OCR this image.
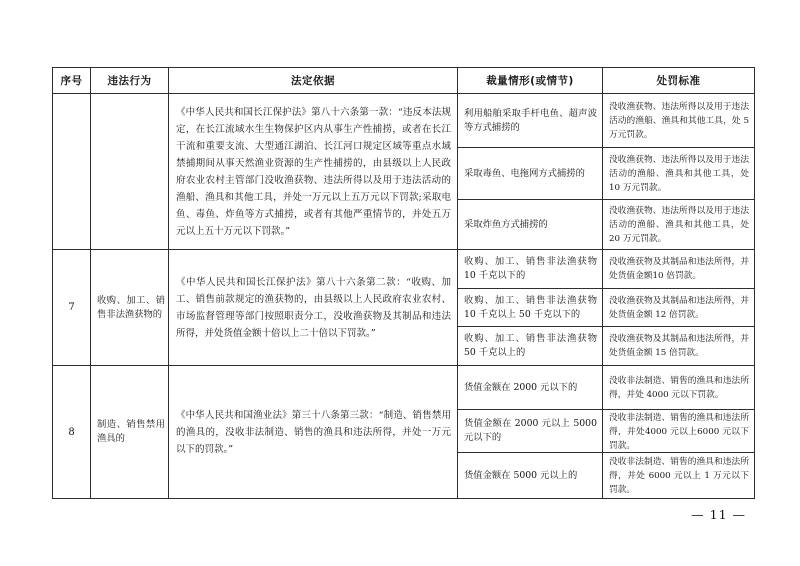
序号	违法行为	法定依据	裁量情形(或情节)	处罚标准

		《中华人民共和国长江保护法》第八十六条第一款：“违反本法规定，在长江流域水生生物保护区内从事生产性捕捞，或者在长江干流和重要支流、大型通江湖泊、长江河口规定区域等重点水域禁捕期间从事天然渔业资源的生产性捕捞的，由县级以上人民政府农业农村主管部门没收渔获物、违法所得以及用于违法活动的渔船、渔具和其他工具，并处一万元以上五万元以下罚款;采取电鱼、毒鱼、炸鱼等方式捕捞，或者有其他严重情节的，并处五万元以上五十万元以下罚款。”	利用船舶采取手杆电鱼、超声波等方式捕捞的	没收渔获物、违法所得以及用于违法活动的渔船、渔具和其他工具，处 5 万元罚款。

			采取毒鱼、电拖网方式捕捞的	没收渔获物、违法所得以及用于违法活动的渔船、渔具和其他工具，处 10 万元罚款。

			采取炸鱼方式捕捞的	没收渔获物、违法所得以及用于违法活动的渔船、渔具和其他工具，处 20 万元罚款。

7	收购、加工、销售非法渔获物的	《中华人民共和国长江保护法》第八十六条第二款：“收购、加工、销售前款规定的渔获物的，由县级以上人民政府农业农村、市场监督管理等部门按照职责分工，没收渔获物及其制品和违法所得，并处货值金额十倍以上二十倍以下罚款。”	收购、加工、销售非法渔获物 10 千克以下的	没收渔获物及其制品和违法所得，并处货值金额10 倍罚款。

			收购、加工、销售非法渔获物 10 千克以上 50 千克以下的	没收渔获物及其制品和违法所得，并处货值金额 12 倍罚款。

			收购、加工、销售非法渔获物 50 千克以上的	没收渔获物及其制品和违法所得，并处货值金额 15 倍罚款。

8	制造、销售禁用渔具的	《中华人民共和国渔业法》第三十八条第三款：“制造、销售禁用的渔具的，没收非法制造、销售的渔具和违法所得，并处一万元以下的罚款。”	货值金额在 2000 元以下的	没收非法制造、销售的渔具和违法所得，并处 4000 元以下罚款。

			货值金额在 2000 元以上 5000 元以下的	没收非法制造、销售的渔具和违法所得，并处4000 元以上6000 元以下罚款。

			货值金额在 5000 元以上的	没收非法制造、销售的渔具和违法所得，并处 6000 元以上 1 万元以下罚款。
— 11 —
